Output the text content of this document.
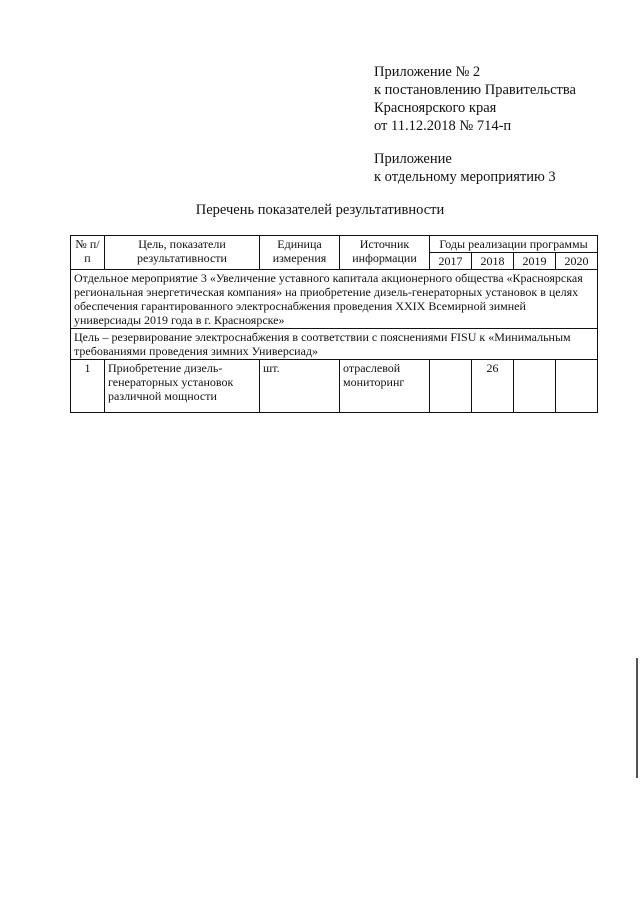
Приложение № 2
к постановлению Правительства
Красноярского края
от 11.12.2018 № 714-п
Приложение
к отдельному мероприятию 3
Перечень показателей результативности
№ п/п	Цель, показатели результативности	Единица измерения	Источник информации	Годы реализации программы			
				2017	2018	2019	2020
Отдельное мероприятие 3 «Увеличение уставного капитала акционерного общества «Красноярская региональная энергетическая компания» на приобретение дизель-генераторных установок в целях обеспечения гарантированного электроснабжения проведения XXIX Всемирной зимней универсиады 2019 года в г. Красноярске»							
Цель – резервирование электроснабжения в соответствии с пояснениями FISU к «Минимальным требованиями проведения зимних Универсиад»							
1	Приобретение дизель-генераторных установок различной мощности	шт.	отраслевой мониторинг		26		
